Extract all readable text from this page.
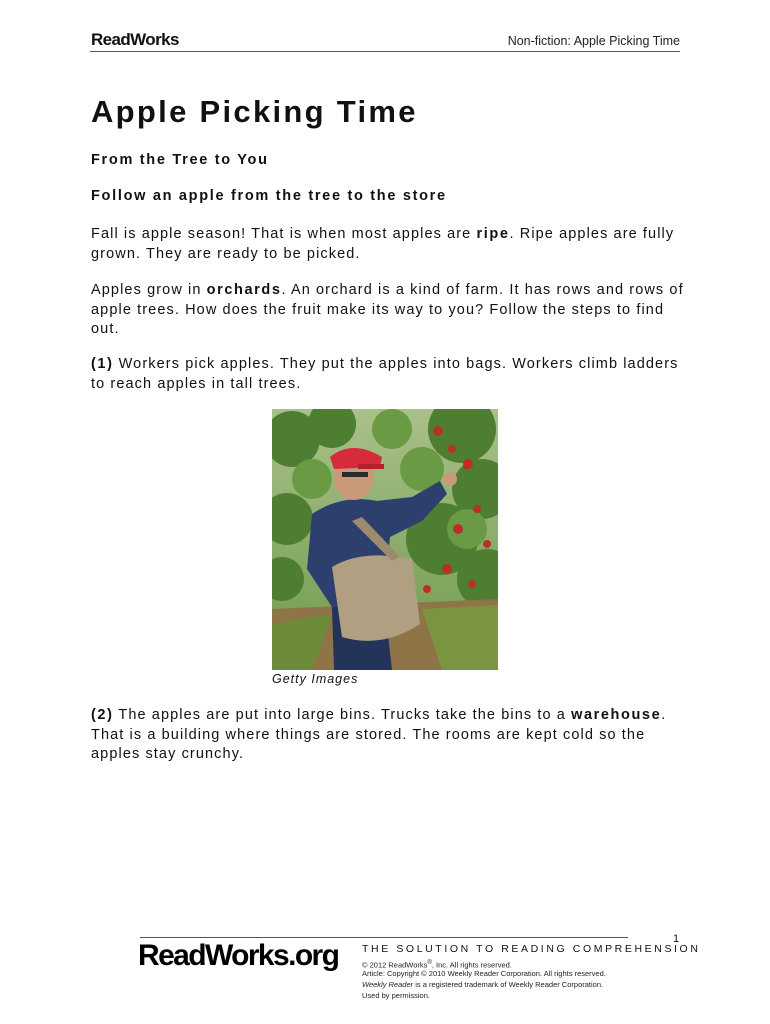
ReadWorks	Non-fiction: Apple Picking Time
Apple Picking Time

From the Tree to You

Follow an apple from the tree to the store

Fall is apple season! That is when most apples are ripe. Ripe apples are fully grown. They are ready to be picked.

Apples grow in orchards. An orchard is a kind of farm. It has rows and rows of apple trees. How does the fruit make its way to you? Follow the steps to find out.

(1) Workers pick apples. They put the apples into bags. Workers climb ladders to reach apples in tall trees.

Getty Images

(2) The apples are put into large bins. Trucks take the bins to a warehouse. That is a building where things are stored. The rooms are kept cold so the apples stay crunchy.

1
ReadWorks.org THE SOLUTION TO READING COMPREHENSION
© 2012 ReadWorks®, Inc. All rights reserved.
Article: Copyright © 2010 Weekly Reader Corporation. All rights reserved.
Weekly Reader is a registered trademark of Weekly Reader Corporation.
Used by permission.
